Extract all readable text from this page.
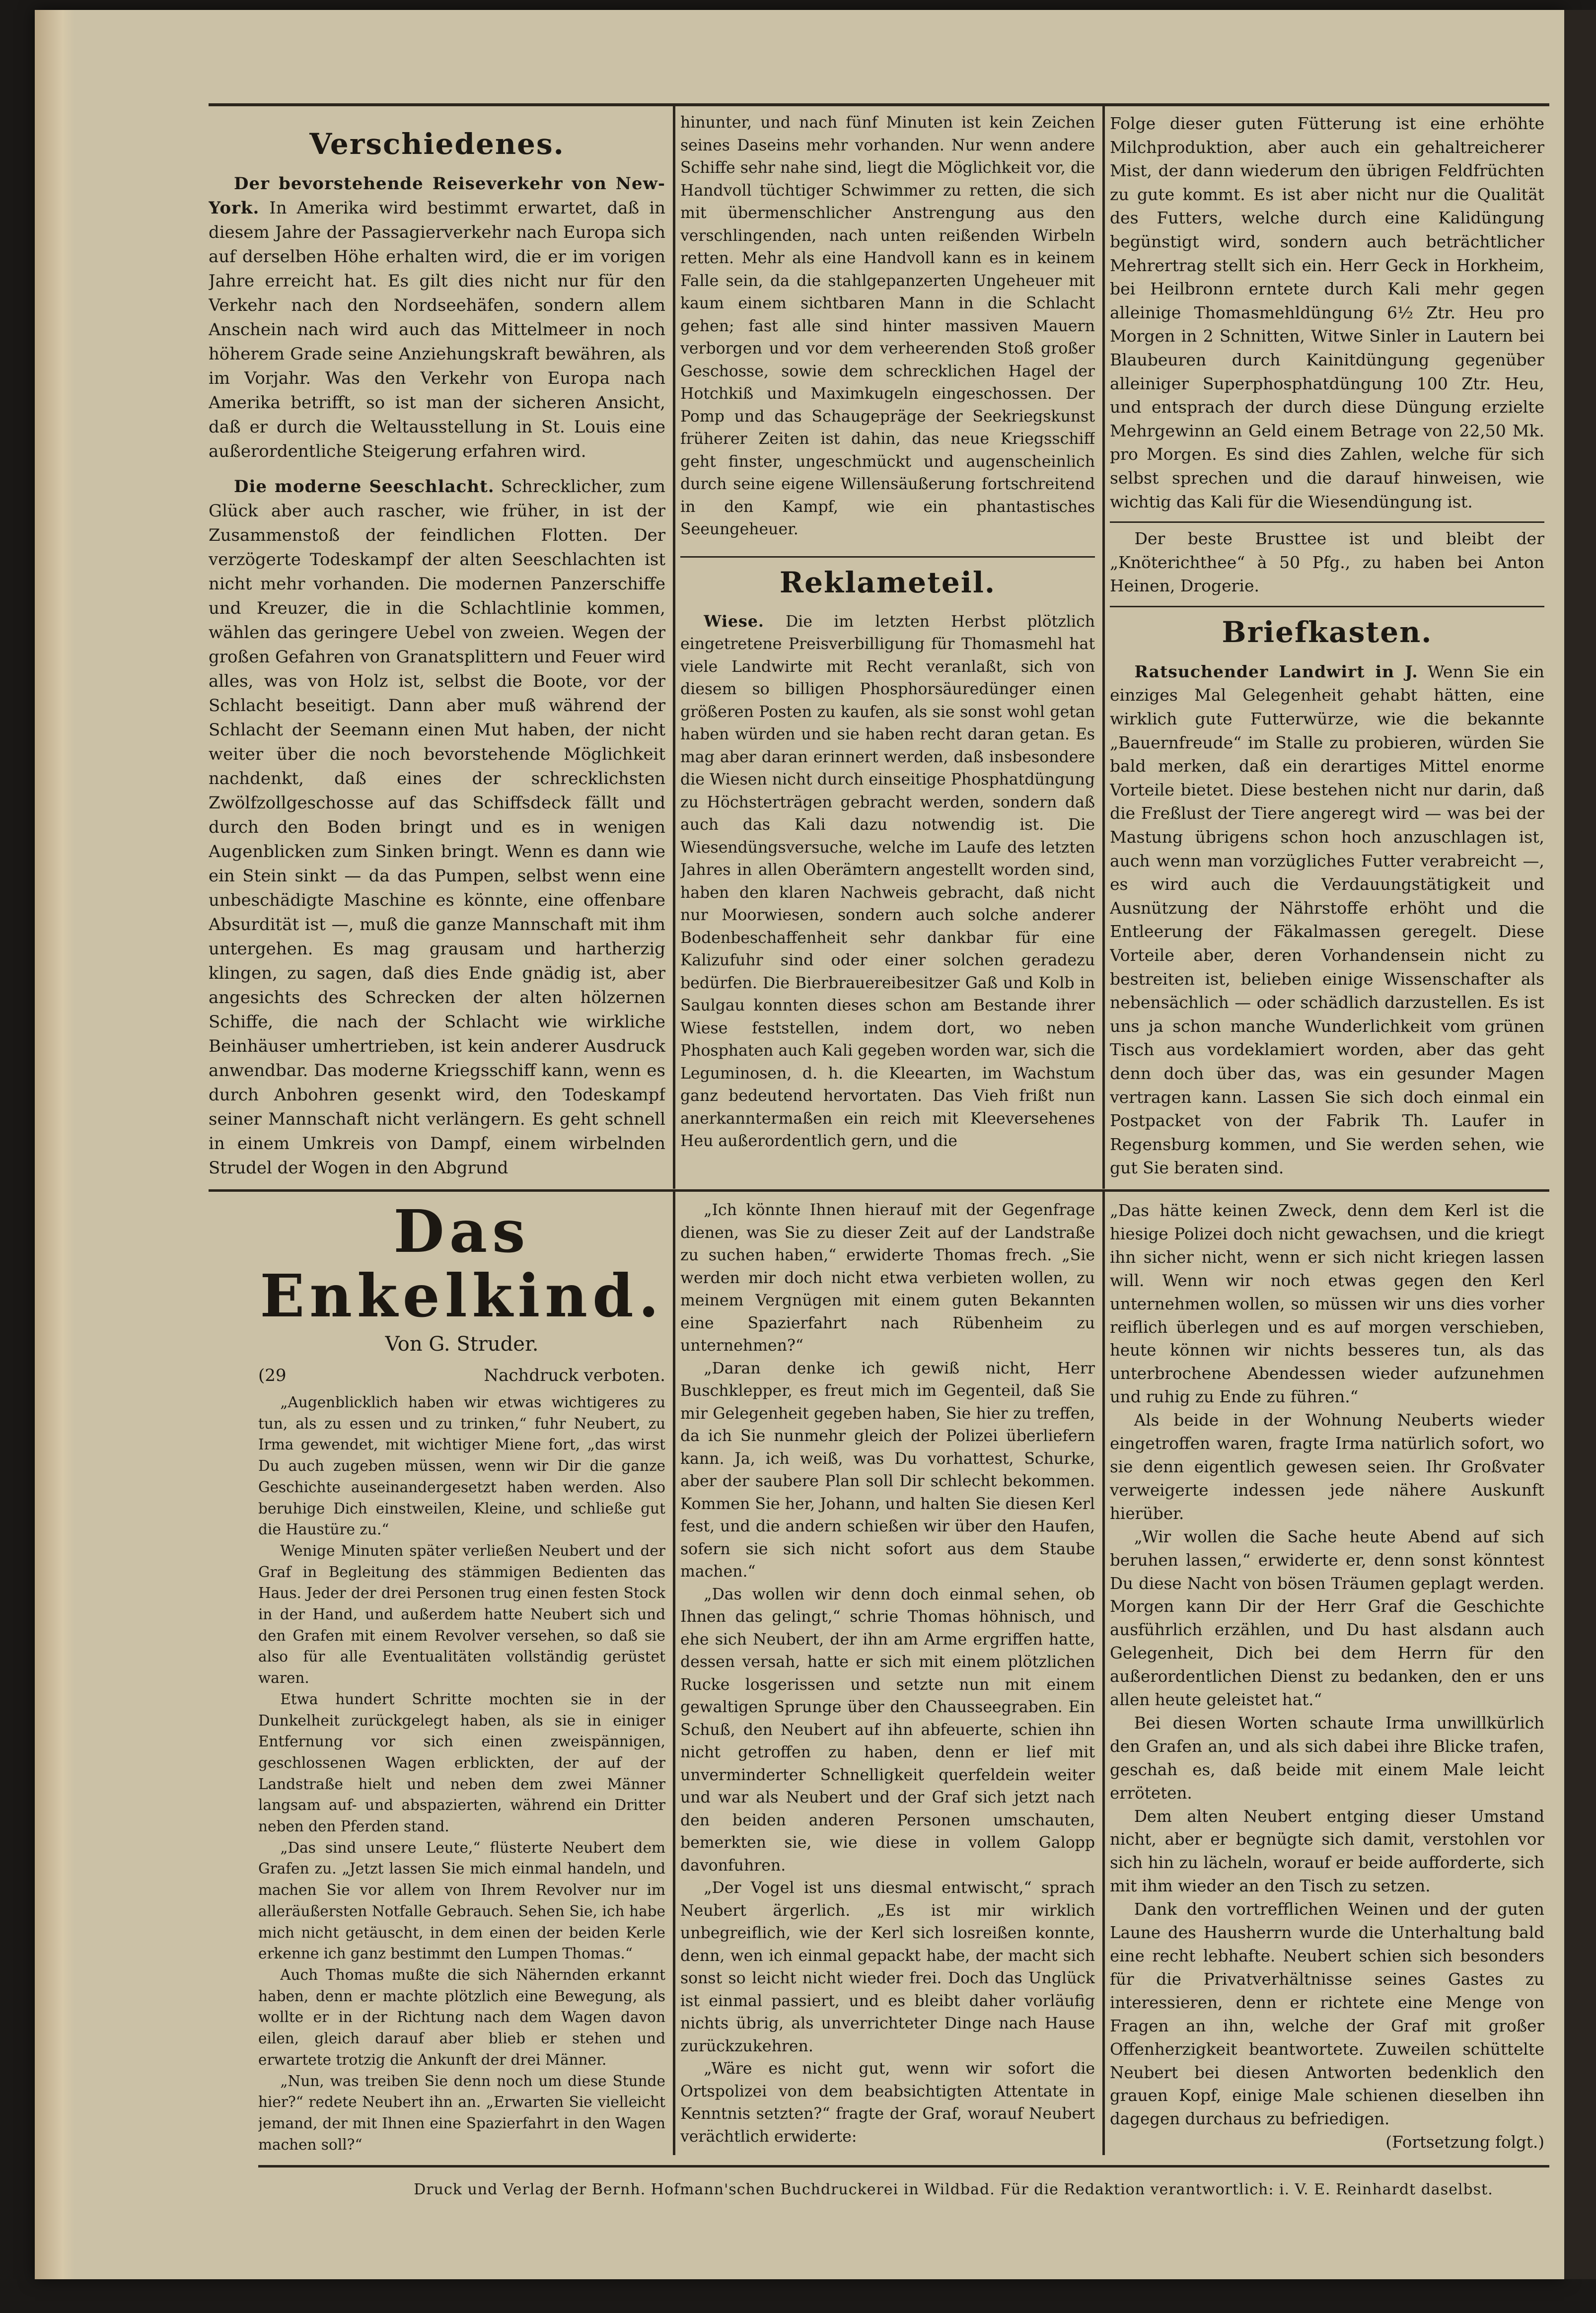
Verschiedenes.

Der bevorstehende Reiseverkehr von New-York. In Amerika wird bestimmt erwartet, daß in diesem Jahre der Passagierverkehr nach Europa sich auf derselben Höhe erhalten wird, die er im vorigen Jahre erreicht hat. Es gilt dies nicht nur für den Verkehr nach den Nordseehäfen, sondern allem Anschein nach wird auch das Mittelmeer in noch höherem Grade seine Anziehungskraft bewähren, als im Vorjahr. Was den Verkehr von Europa nach Amerika betrifft, so ist man der sicheren Ansicht, daß er durch die Weltausstellung in St. Louis eine außerordentliche Steigerung erfahren wird.

Die moderne Seeschlacht. Schrecklicher, zum Glück aber auch rascher, wie früher, in ist der Zusammenstoß der feindlichen Flotten. Der verzögerte Todeskampf der alten Seeschlachten ist nicht mehr vorhanden. Die modernen Panzerschiffe und Kreuzer, die in die Schlachtlinie kommen, wählen das geringere Uebel von zweien. Wegen der großen Gefahren von Granatsplittern und Feuer wird alles, was von Holz ist, selbst die Boote, vor der Schlacht beseitigt. Dann aber muß während der Schlacht der Seemann einen Mut haben, der nicht weiter über die noch bevorstehende Möglichkeit nachdenkt, daß eines der schrecklichsten Zwölfzollgeschosse auf das Schiffsdeck fällt und durch den Boden bringt und es in wenigen Augenblicken zum Sinken bringt. Wenn es dann wie ein Stein sinkt — da das Pumpen, selbst wenn eine unbeschädigte Maschine es könnte, eine offenbare Absurdität ist —, muß die ganze Mannschaft mit ihm untergehen. Es mag grausam und hartherzig klingen, zu sagen, daß dies Ende gnädig ist, aber angesichts des Schrecken der alten hölzernen Schiffe, die nach der Schlacht wie wirkliche Beinhäuser umhertrieben, ist kein anderer Ausdruck anwendbar. Das moderne Kriegsschiff kann, wenn es durch Anbohren gesenkt wird, den Todeskampf seiner Mannschaft nicht verlängern. Es geht schnell in einem Umkreis von Dampf, einem wirbelnden Strudel der Wogen in den Abgrund

hinunter, und nach fünf Minuten ist kein Zeichen seines Daseins mehr vorhanden. Nur wenn andere Schiffe sehr nahe sind, liegt die Möglichkeit vor, die Handvoll tüchtiger Schwimmer zu retten, die sich mit übermenschlicher Anstrengung aus den verschlingenden, nach unten reißenden Wirbeln retten. Mehr als eine Handvoll kann es in keinem Falle sein, da die stahlgepanzerten Ungeheuer mit kaum einem sichtbaren Mann in die Schlacht gehen; fast alle sind hinter massiven Mauern verborgen und vor dem verheerenden Stoß großer Geschosse, sowie dem schrecklichen Hagel der Hotchkiß und Maximkugeln eingeschossen. Der Pomp und das Schaugepräge der Seekriegskunst früherer Zeiten ist dahin, das neue Kriegsschiff geht finster, ungeschmückt und augenscheinlich durch seine eigene Willensäußerung fortschreitend in den Kampf, wie ein phantastisches Seeungeheuer.

Reklameteil.

Wiese. Die im letzten Herbst plötzlich eingetretene Preisverbilligung für Thomasmehl hat viele Landwirte mit Recht veranlaßt, sich von diesem so billigen Phosphorsäuredünger einen größeren Posten zu kaufen, als sie sonst wohl getan haben würden und sie haben recht daran getan. Es mag aber daran erinnert werden, daß insbesondere die Wiesen nicht durch einseitige Phosphatdüngung zu Höchsterträgen gebracht werden, sondern daß auch das Kali dazu notwendig ist. Die Wiesendüngsversuche, welche im Laufe des letzten Jahres in allen Oberämtern angestellt worden sind, haben den klaren Nachweis gebracht, daß nicht nur Moorwiesen, sondern auch solche anderer Bodenbeschaffenheit sehr dankbar für eine Kalizufuhr sind oder einer solchen geradezu bedürfen. Die Bierbrauereibesitzer Gaß und Kolb in Saulgau konnten dieses schon am Bestande ihrer Wiese feststellen, indem dort, wo neben Phosphaten auch Kali gegeben worden war, sich die Leguminosen, d. h. die Kleearten, im Wachstum ganz bedeutend hervortaten. Das Vieh frißt nun anerkanntermaßen ein reich mit Kleeversehenes Heu außerordentlich gern, und die

Folge dieser guten Fütterung ist eine erhöhte Milchproduktion, aber auch ein gehaltreicherer Mist, der dann wiederum den übrigen Feldfrüchten zu gute kommt. Es ist aber nicht nur die Qualität des Futters, welche durch eine Kalidüngung begünstigt wird, sondern auch beträchtlicher Mehrertrag stellt sich ein. Herr Geck in Horkheim, bei Heilbronn erntete durch Kali mehr gegen alleinige Thomasmehldüngung 6½ Ztr. Heu pro Morgen in 2 Schnitten, Witwe Sinler in Lautern bei Blaubeuren durch Kainitdüngung gegenüber alleiniger Superphosphatdüngung 100 Ztr. Heu, und entsprach der durch diese Düngung erzielte Mehrgewinn an Geld einem Betrage von 22,50 Mk. pro Morgen. Es sind dies Zahlen, welche für sich selbst sprechen und die darauf hinweisen, wie wichtig das Kali für die Wiesendüngung ist.

Der beste Brusttee ist und bleibt der „Knöterichthee“ à 50 Pfg., zu haben bei Anton Heinen, Drogerie.

Briefkasten.

Ratsuchender Landwirt in J. Wenn Sie ein einziges Mal Gelegenheit gehabt hätten, eine wirklich gute Futterwürze, wie die bekannte „Bauernfreude“ im Stalle zu probieren, würden Sie bald merken, daß ein derartiges Mittel enorme Vorteile bietet. Diese bestehen nicht nur darin, daß die Freßlust der Tiere angeregt wird — was bei der Mastung übrigens schon hoch anzuschlagen ist, auch wenn man vorzügliches Futter verabreicht —, es wird auch die Verdauungstätigkeit und Ausnützung der Nährstoffe erhöht und die Entleerung der Fäkalmassen geregelt. Diese Vorteile aber, deren Vorhandensein nicht zu bestreiten ist, belieben einige Wissenschafter als nebensächlich — oder schädlich darzustellen. Es ist uns ja schon manche Wunderlichkeit vom grünen Tisch aus vordeklamiert worden, aber das geht denn doch über das, was ein gesunder Magen vertragen kann. Lassen Sie sich doch einmal ein Postpacket von der Fabrik Th. Laufer in Regensburg kommen, und Sie werden sehen, wie gut Sie beraten sind.

Das Enkelkind.
Von G. Struder.
(29	Nachdruck verboten.

„Augenblicklich haben wir etwas wichtigeres zu tun, als zu essen und zu trinken,“ fuhr Neubert, zu Irma gewendet, mit wichtiger Miene fort, „das wirst Du auch zugeben müssen, wenn wir Dir die ganze Geschichte auseinandergesetzt haben werden. Also beruhige Dich einstweilen, Kleine, und schließe gut die Haustüre zu.“

Wenige Minuten später verließen Neubert und der Graf in Begleitung des stämmigen Bedienten das Haus. Jeder der drei Personen trug einen festen Stock in der Hand, und außerdem hatte Neubert sich und den Grafen mit einem Revolver versehen, so daß sie also für alle Eventualitäten vollständig gerüstet waren.

Etwa hundert Schritte mochten sie in der Dunkelheit zurückgelegt haben, als sie in einiger Entfernung vor sich einen zweispännigen, geschlossenen Wagen erblickten, der auf der Landstraße hielt und neben dem zwei Männer langsam auf- und abspazierten, während ein Dritter neben den Pferden stand.

„Das sind unsere Leute,“ flüsterte Neubert dem Grafen zu. „Jetzt lassen Sie mich einmal handeln, und machen Sie vor allem von Ihrem Revolver nur im alleräußersten Notfalle Gebrauch. Sehen Sie, ich habe mich nicht getäuscht, in dem einen der beiden Kerle erkenne ich ganz bestimmt den Lumpen Thomas.“

Auch Thomas mußte die sich Nähernden erkannt haben, denn er machte plötzlich eine Bewegung, als wollte er in der Richtung nach dem Wagen davon eilen, gleich darauf aber blieb er stehen und erwartete trotzig die Ankunft der drei Männer.

„Nun, was treiben Sie denn noch um diese Stunde hier?“ redete Neubert ihn an. „Erwarten Sie vielleicht jemand, der mit Ihnen eine Spazierfahrt in den Wagen machen soll?“

„Ich könnte Ihnen hierauf mit der Gegenfrage dienen, was Sie zu dieser Zeit auf der Landstraße zu suchen haben,“ erwiderte Thomas frech. „Sie werden mir doch nicht etwa verbieten wollen, zu meinem Vergnügen mit einem guten Bekannten eine Spazierfahrt nach Rübenheim zu unternehmen?“

„Daran denke ich gewiß nicht, Herr Buschklepper, es freut mich im Gegenteil, daß Sie mir Gelegenheit gegeben haben, Sie hier zu treffen, da ich Sie nunmehr gleich der Polizei überliefern kann. Ja, ich weiß, was Du vorhattest, Schurke, aber der saubere Plan soll Dir schlecht bekommen. Kommen Sie her, Johann, und halten Sie diesen Kerl fest, und die andern schießen wir über den Haufen, sofern sie sich nicht sofort aus dem Staube machen.“

„Das wollen wir denn doch einmal sehen, ob Ihnen das gelingt,“ schrie Thomas höhnisch, und ehe sich Neubert, der ihn am Arme ergriffen hatte, dessen versah, hatte er sich mit einem plötzlichen Rucke losgerissen und setzte nun mit einem gewaltigen Sprunge über den Chausseegraben. Ein Schuß, den Neubert auf ihn abfeuerte, schien ihn nicht getroffen zu haben, denn er lief mit unverminderter Schnelligkeit querfeldein weiter und war als Neubert und der Graf sich jetzt nach den beiden anderen Personen umschauten, bemerkten sie, wie diese in vollem Galopp davonfuhren.

„Der Vogel ist uns diesmal entwischt,“ sprach Neubert ärgerlich. „Es ist mir wirklich unbegreiflich, wie der Kerl sich losreißen konnte, denn, wen ich einmal gepackt habe, der macht sich sonst so leicht nicht wieder frei. Doch das Unglück ist einmal passiert, und es bleibt daher vorläufig nichts übrig, als unverrichteter Dinge nach Hause zurückzukehren.

„Wäre es nicht gut, wenn wir sofort die Ortspolizei von dem beabsichtigten Attentate in Kenntnis setzten?“ fragte der Graf, worauf Neubert verächtlich erwiderte:

„Das hätte keinen Zweck, denn dem Kerl ist die hiesige Polizei doch nicht gewachsen, und die kriegt ihn sicher nicht, wenn er sich nicht kriegen lassen will. Wenn wir noch etwas gegen den Kerl unternehmen wollen, so müssen wir uns dies vorher reiflich überlegen und es auf morgen verschieben, heute können wir nichts besseres tun, als das unterbrochene Abendessen wieder aufzunehmen und ruhig zu Ende zu führen.“

Als beide in der Wohnung Neuberts wieder eingetroffen waren, fragte Irma natürlich sofort, wo sie denn eigentlich gewesen seien. Ihr Großvater verweigerte indessen jede nähere Auskunft hierüber.

„Wir wollen die Sache heute Abend auf sich beruhen lassen,“ erwiderte er, denn sonst könntest Du diese Nacht von bösen Träumen geplagt werden. Morgen kann Dir der Herr Graf die Geschichte ausführlich erzählen, und Du hast alsdann auch Gelegenheit, Dich bei dem Herrn für den außerordentlichen Dienst zu bedanken, den er uns allen heute geleistet hat.“

Bei diesen Worten schaute Irma unwillkürlich den Grafen an, und als sich dabei ihre Blicke trafen, geschah es, daß beide mit einem Male leicht erröteten.

Dem alten Neubert entging dieser Umstand nicht, aber er begnügte sich damit, verstohlen vor sich hin zu lächeln, worauf er beide aufforderte, sich mit ihm wieder an den Tisch zu setzen.

Dank den vortrefflichen Weinen und der guten Laune des Hausherrn wurde die Unterhaltung bald eine recht lebhafte. Neubert schien sich besonders für die Privatverhältnisse seines Gastes zu interessieren, denn er richtete eine Menge von Fragen an ihn, welche der Graf mit großer Offenherzigkeit beantwortete. Zuweilen schüttelte Neubert bei diesen Antworten bedenklich den grauen Kopf, einige Male schienen dieselben ihn dagegen durchaus zu befriedigen.

(Fortsetzung folgt.)
Druck und Verlag der Bernh. Hofmann'schen Buchdruckerei in Wildbad. Für die Redaktion verantwortlich: i. V. E. Reinhardt daselbst.
